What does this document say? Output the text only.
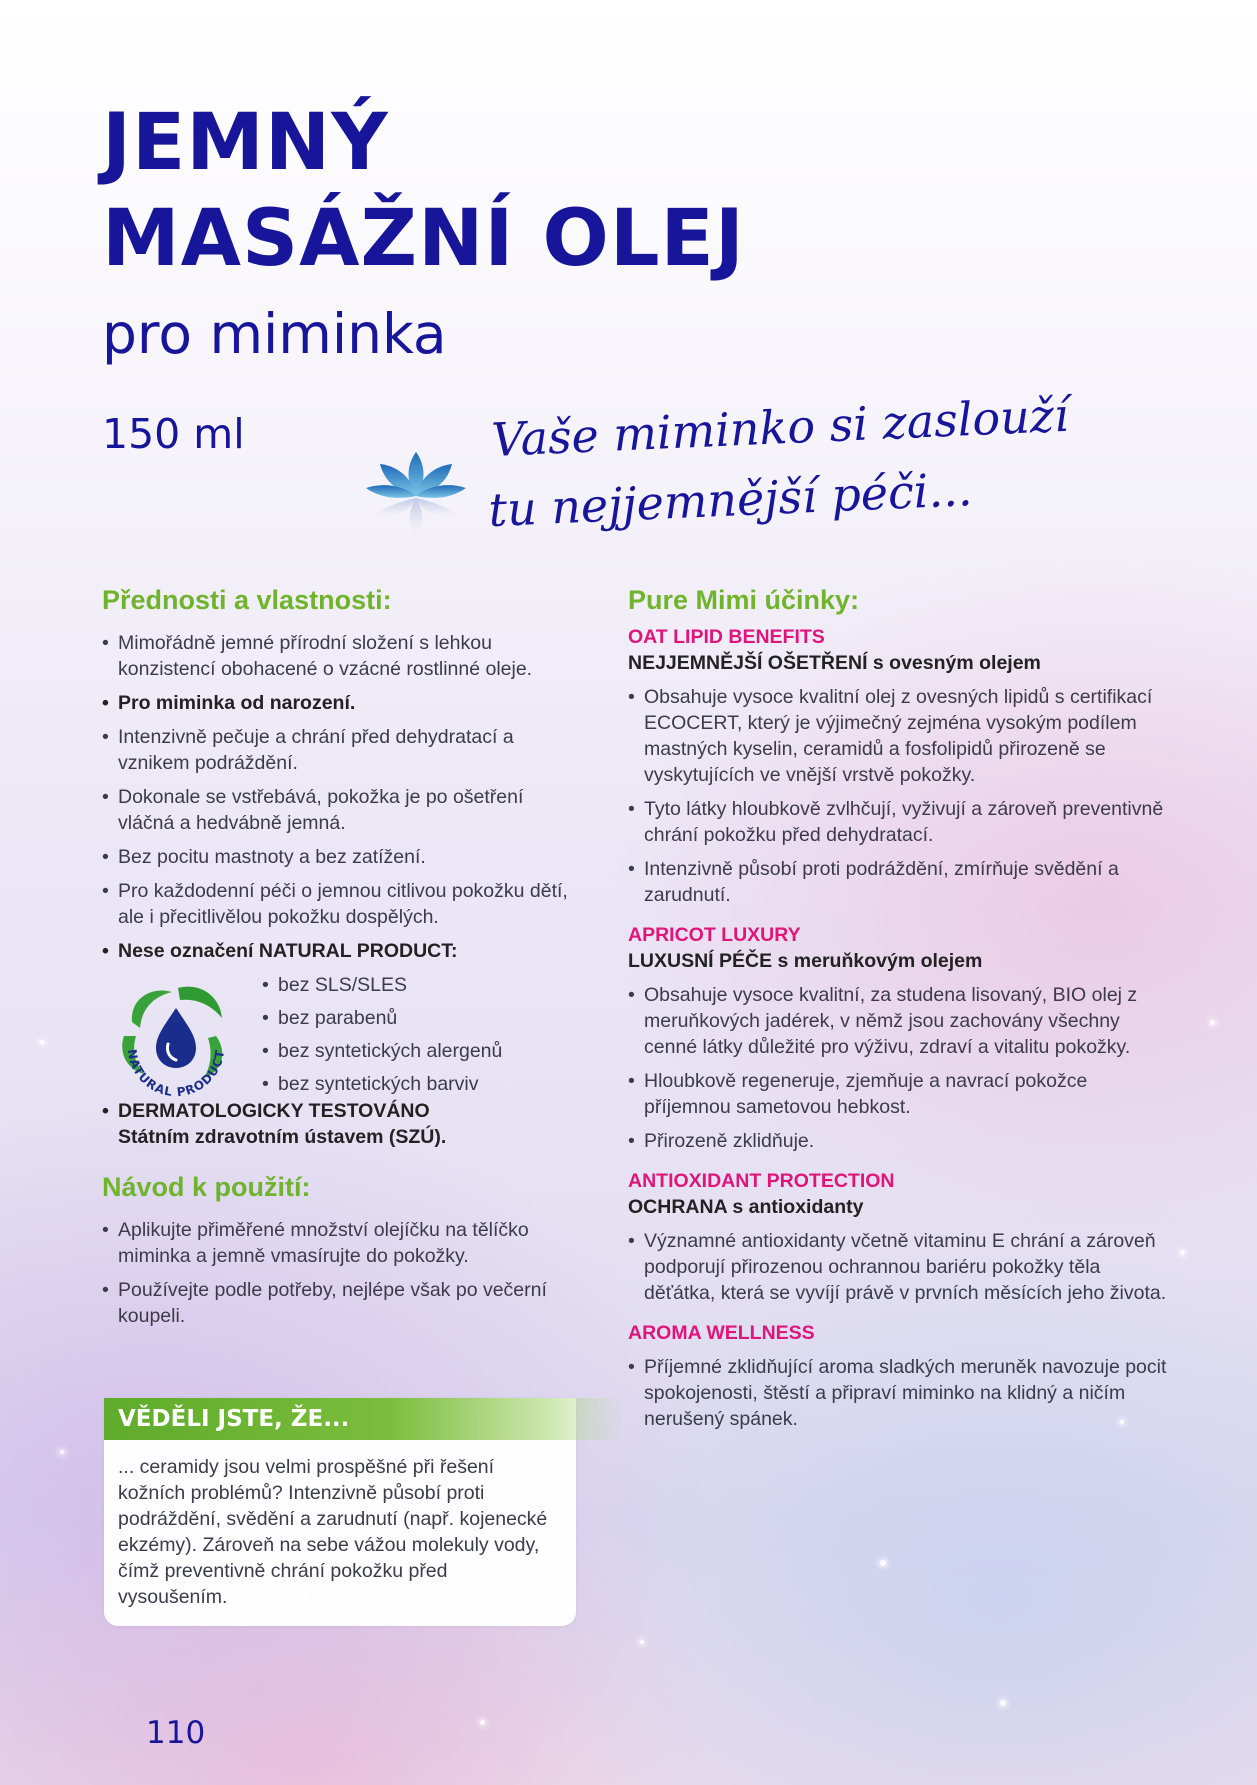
JEMNÝ
MASÁŽNÍ OLEJ
pro miminka
150 ml	Vaše miminko si zaslouží
tu nejjemnější péči...
Přednosti a vlastnosti:
• Mimořádně jemné přírodní složení s lehkou konzistencí obohacené o vzácné rostlinné oleje.
• Pro miminka od narození.
• Intenzivně pečuje a chrání před dehydratací a vznikem podráždění.
• Dokonale se vstřebává, pokožka je po ošetření vláčná a hedvábně jemná.
• Bez pocitu mastnoty a bez zatížení.
• Pro každodenní péči o jemnou citlivou pokožku dětí, ale i přecitlivělou pokožku dospělých.
• Nese označení NATURAL PRODUCT:
NATURAL PRODUCT
• bez SLS/SLES
• bez parabenů
• bez syntetických alergenů
• bez syntetických barviv
• DERMATOLOGICKY TESTOVÁNO
Státním zdravotním ústavem (SZÚ).
Návod k použití:
• Aplikujte přiměřené množství olejíčku na tělíčko miminka a jemně vmasírujte do pokožky.
• Používejte podle potřeby, nejlépe však po večerní koupeli.
VĚDĚLI JSTE, ŽE...
... ceramidy jsou velmi prospěšné při řešení kožních problémů? Intenzivně působí proti podráždění, svědění a zarudnutí (např. kojenecké ekzémy). Zároveň na sebe vážou molekuly vody, čímž preventivně chrání pokožku před vysoušením.
Pure Mimi účinky:
OAT LIPID BENEFITS
NEJJEMNĚJŠÍ OŠETŘENÍ s ovesným olejem
• Obsahuje vysoce kvalitní olej z ovesných lipidů s certifikací ECOCERT, který je výjimečný zejména vysokým podílem mastných kyselin, ceramidů a fosfolipidů přirozeně se vyskytujících ve vnější vrstvě pokožky.
• Tyto látky hloubkově zvlhčují, vyživují a zároveň preventivně chrání pokožku před dehydratací.
• Intenzivně působí proti podráždění, zmírňuje svědění a zarudnutí.
APRICOT LUXURY
LUXUSNÍ PÉČE s meruňkovým olejem
• Obsahuje vysoce kvalitní, za studena lisovaný, BIO olej z meruňkových jadérek, v němž jsou zachovány všechny cenné látky důležité pro výživu, zdraví a vitalitu pokožky.
• Hloubkově regeneruje, zjemňuje a navrací pokožce příjemnou sametovou hebkost.
• Přirozeně zklidňuje.
ANTIOXIDANT PROTECTION
OCHRANA s antioxidanty
• Významné antioxidanty včetně vitaminu E chrání a zároveň podporují přirozenou ochrannou bariéru pokožky těla děťátka, která se vyvíjí právě v prvních měsících jeho života.
AROMA WELLNESS
• Příjemné zklidňující aroma sladkých meruněk navozuje pocit spokojenosti, štěstí a připraví miminko na klidný a ničím nerušený spánek.
110
